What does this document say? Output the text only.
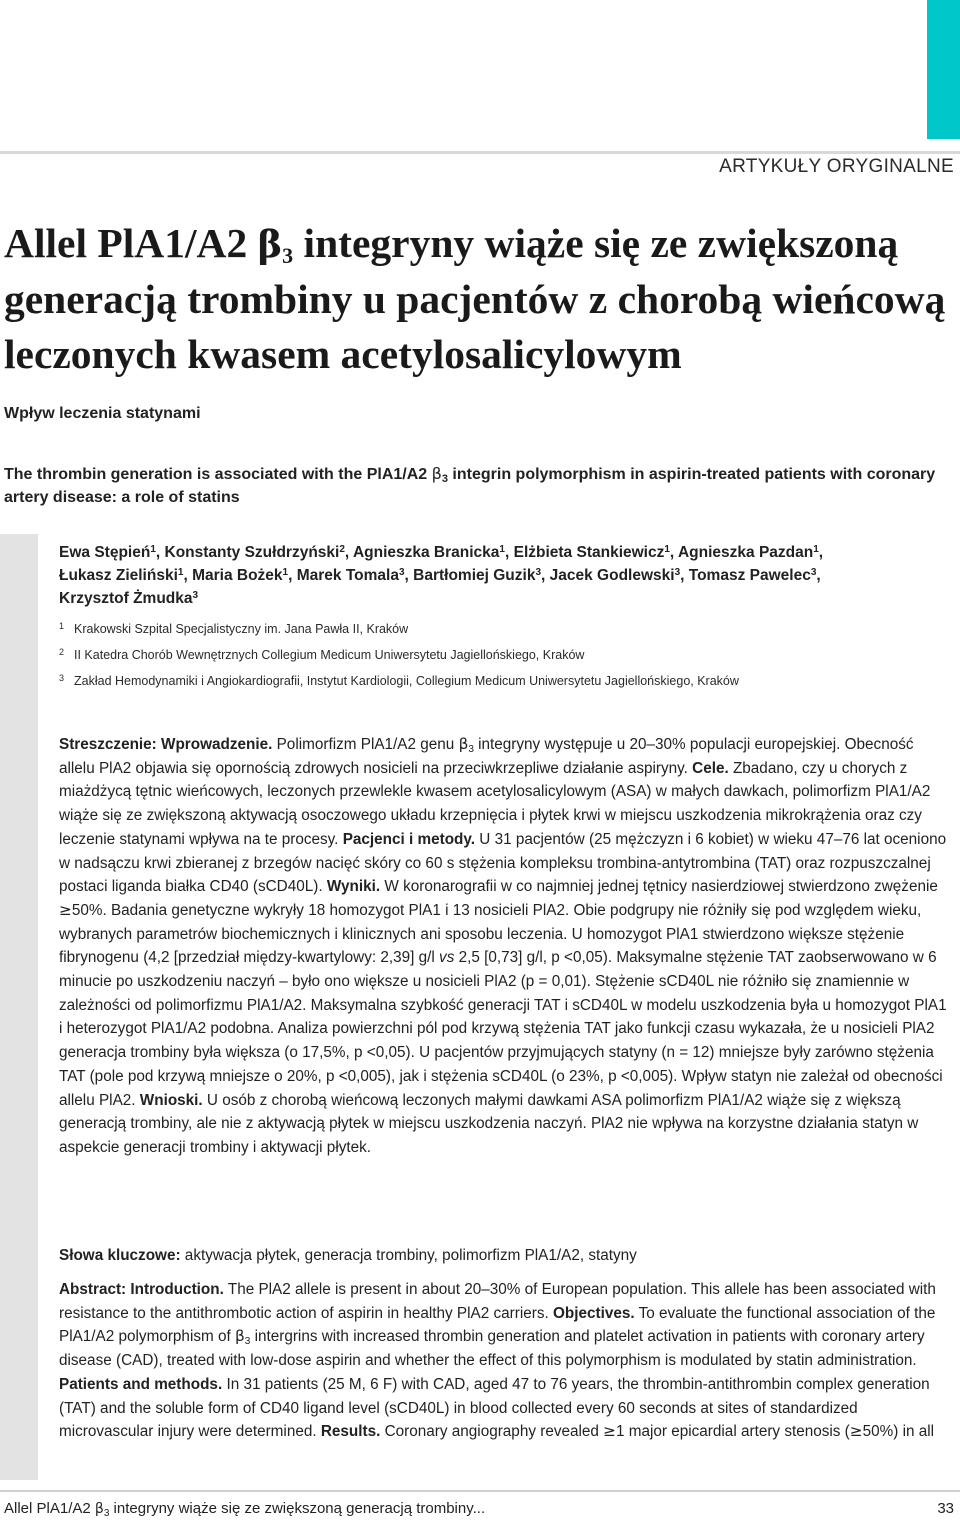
ARTYKUŁY ORYGINALNE
Allel PlA1/A2 $\beta_3$ integryny wiąże się ze zwiększoną generacją trombiny u pacjentów z chorobą wieńcową leczonych kwasem acetylosalicylowym
Wpływ leczenia statynami
The thrombin generation is associated with the PlA1/A2 $\beta_3$ integrin polymorphism in aspirin-treated patients with coronary artery disease: a role of statins
Ewa Stępień$^1$, Konstanty Szułdrzyński$^2$, Agnieszka Branicka$^1$, Elżbieta Stankiewicz$^1$, Agnieszka Pazdan$^1$,
Łukasz Zieliński$^1$, Maria Bożek$^1$, Marek Tomala$^3$, Bartłomiej Guzik$^3$, Jacek Godlewski$^3$, Tomasz Pawelec$^3$,
Krzysztof Żmudka$^3$
$^1$ Krakowski Szpital Specjalistyczny im. Jana Pawła II, Kraków
$^2$ II Katedra Chorób Wewnętrznych Collegium Medicum Uniwersytetu Jagiellońskiego, Kraków
$^3$ Zakład Hemodynamiki i Angiokardiografii, Instytut Kardiologii, Collegium Medicum Uniwersytetu Jagiellońskiego, Kraków

Streszczenie: Wprowadzenie. Polimorfizm PlA1/A2 genu β3 integryny występuje u 20–30% populacji europejskiej. Obecność allelu PlA2 objawia się opornością zdrowych nosicieli na przeciwkrzepliwe działanie aspiryny. Cele. Zbadano, czy u chorych z miażdżycą tętnic wieńcowych, leczonych przewlekle kwasem acetylosalicylowym (ASA) w małych dawkach, polimorfizm PlA1/A2 wiąże się ze zwiększoną aktywacją osoczowego układu krzepnięcia i płytek krwi w miejscu uszkodzenia mikrokrążenia oraz czy leczenie statynami wpływa na te procesy. Pacjenci i metody. U 31 pacjentów (25 mężczyzn i 6 kobiet) w wieku 47–76 lat oceniono w nadsączu krwi zbieranej z brzegów nacięć skóry co 60 s stężenia kompleksu trombina-antytrombina (TAT) oraz rozpuszczalnej postaci liganda białka CD40 (sCD40L). Wyniki. W koronarografii w co najmniej jednej tętnicy nasierdziowej stwierdzono zwężenie ≥50%. Badania genetyczne wykryły 18 homozygot PlA1 i 13 nosicieli PlA2. Obie podgrupy nie różniły się pod względem wieku, wybranych parametrów biochemicznych i klinicznych ani sposobu leczenia. U homozygot PlA1 stwierdzono większe stężenie fibrynogenu (4,2 [przedział między-kwartylowy: 2,39] g/l vs 2,5 [0,73] g/l, p <0,05). Maksymalne stężenie TAT zaobserwowano w 6 minucie po uszkodzeniu naczyń – było ono większe u nosicieli PlA2 (p = 0,01). Stężenie sCD40L nie różniło się znamiennie w zależności od polimorfizmu PlA1/A2. Maksymalna szybkość generacji TAT i sCD40L w modelu uszkodzenia była u homozygot PlA1 i heterozygot PlA1/A2 podobna. Analiza powierzchni pól pod krzywą stężenia TAT jako funkcji czasu wykazała, że u nosicieli PlA2 generacja trombiny była większa (o 17,5%, p <0,05). U pacjentów przyjmujących statyny (n = 12) mniejsze były zarówno stężenia TAT (pole pod krzywą mniejsze o 20%, p <0,005), jak i stężenia sCD40L (o 23%, p <0,005). Wpływ statyn nie zależał od obecności allelu PlA2. Wnioski. U osób z chorobą wieńcową leczonych małymi dawkami ASA polimorfizm PlA1/A2 wiąże się z większą generacją trombiny, ale nie z aktywacją płytek w miejscu uszkodzenia naczyń. PlA2 nie wpływa na korzystne działania statyn w aspekcie generacji trombiny i aktywacji płytek.

Słowa kluczowe: aktywacja płytek, generacja trombiny, polimorfizm PlA1/A2, statyny

Abstract: Introduction. The PlA2 allele is present in about 20–30% of European population. This allele has been associated with resistance to the antithrombotic action of aspirin in healthy PlA2 carriers. Objectives. To evaluate the functional association of the PlA1/A2 polymorphism of β3 intergrins with increased thrombin generation and platelet activation in patients with coronary artery disease (CAD), treated with low-dose aspirin and whether the effect of this polymorphism is modulated by statin administration. Patients and methods. In 31 patients (25 M, 6 F) with CAD, aged 47 to 76 years, the thrombin-antithrombin complex generation (TAT) and the soluble form of CD40 ligand level (sCD40L) in blood collected every 60 seconds at sites of standardized microvascular injury were determined. Results. Coronary angiography revealed ≥1 major epicardial artery stenosis (≥50%) in all

Allel PlA1/A2 $\beta_3$ integryny wiąże się ze zwiększoną generacją trombiny...	33
